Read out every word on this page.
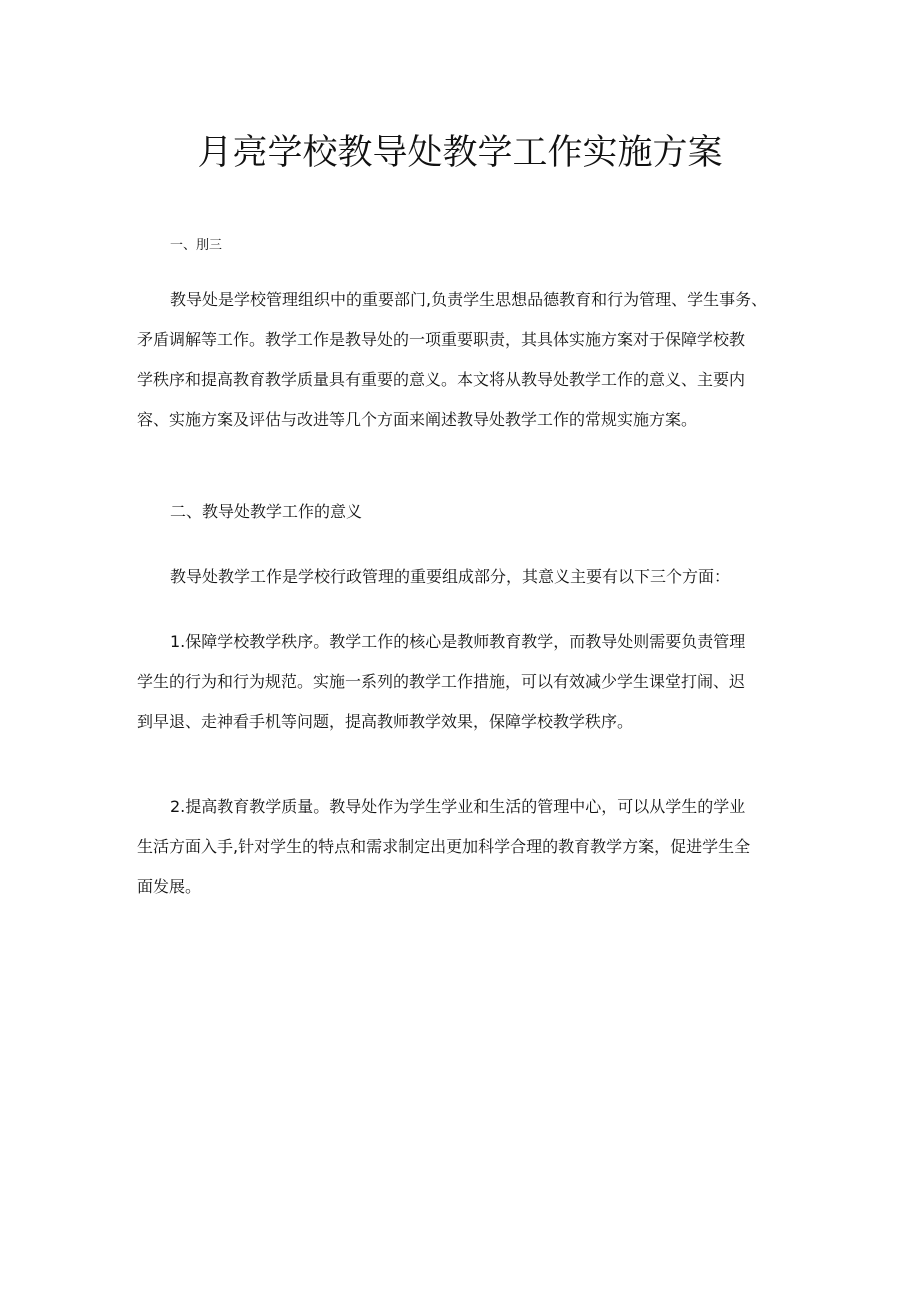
月亮学校教导处教学工作实施方案
一、刖三
教导处是学校管理组织中的重要部门,负责学生思想品德教育和行为管理、学生事务、
矛盾调解等工作。教学工作是教导处的一项重要职责，其具体实施方案对于保障学校教
学秩序和提高教育教学质量具有重要的意义。本文将从教导处教学工作的意义、主要内
容、实施方案及评估与改进等几个方面来阐述教导处教学工作的常规实施方案。
二、教导处教学工作的意义
教导处教学工作是学校行政管理的重要组成部分，其意义主要有以下三个方面：
1.保障学校教学秩序。教学工作的核心是教师教育教学，而教导处则需要负责管理
学生的行为和行为规范。实施一系列的教学工作措施，可以有效减少学生课堂打闹、迟
到早退、走神看手机等问题，提高教师教学效果，保障学校教学秩序。
2.提高教育教学质量。教导处作为学生学业和生活的管理中心，可以从学生的学业
生活方面入手,针对学生的特点和需求制定出更加科学合理的教育教学方案，促进学生全
面发展。
